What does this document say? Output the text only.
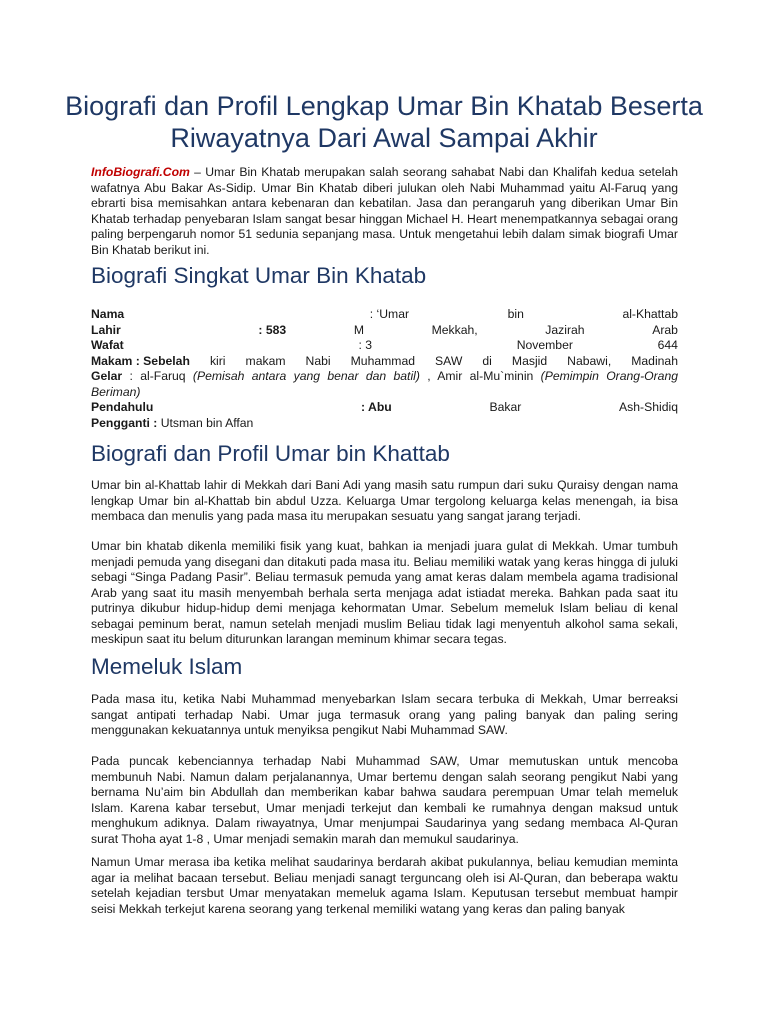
Biografi dan Profil Lengkap Umar Bin Khatab Beserta Riwayatnya Dari Awal Sampai Akhir

InfoBiografi.Com – Umar Bin Khatab merupakan salah seorang sahabat Nabi dan Khalifah kedua setelah wafatnya Abu Bakar As-Sidip. Umar Bin Khatab diberi julukan oleh Nabi Muhammad yaitu Al-Faruq yang ebrarti bisa memisahkan antara kebenaran dan kebatilan. Jasa dan perangaruh yang diberikan Umar Bin Khatab terhadap penyebaran Islam sangat besar hinggan Michael H. Heart menempatkannya sebagai orang paling berpengaruh nomor 51 sedunia sepanjang masa. Untuk mengetahui lebih dalam simak biografi Umar Bin Khatab berikut ini.

Biografi Singkat Umar Bin Khatab
Nama	: ‘Umar	bin	al-Khattab
Lahir	: 583	M	Mekkah,	Jazirah	Arab
Wafat	: 3	November	644
Makam : Sebelah kiri makam Nabi Muhammad SAW di Masjid Nabawi, Madinah
Gelar : al-Faruq (Pemisah antara yang benar dan batil) , Amir al-Mu`minin (Pemimpin Orang-Orang Beriman)
Pendahulu	: Abu	Bakar	Ash-Shidiq
Pengganti : Utsman bin Affan
Biografi dan Profil Umar bin Khattab

Umar bin al-Khattab lahir di Mekkah dari Bani Adi yang masih satu rumpun dari suku Quraisy dengan nama lengkap Umar bin al-Khattab bin abdul Uzza. Keluarga Umar tergolong keluarga kelas menengah, ia bisa membaca dan menulis yang pada masa itu merupakan sesuatu yang sangat jarang terjadi.

Umar bin khatab dikenla memiliki fisik yang kuat, bahkan ia menjadi juara gulat di Mekkah. Umar tumbuh menjadi pemuda yang disegani dan ditakuti pada masa itu. Beliau memiliki watak yang keras hingga di juluki sebagi “Singa Padang Pasir”. Beliau termasuk pemuda yang amat keras dalam membela agama tradisional Arab yang saat itu masih menyembah berhala serta menjaga adat istiadat mereka. Bahkan pada saat itu putrinya dikubur hidup-hidup demi menjaga kehormatan Umar. Sebelum memeluk Islam beliau di kenal sebagai peminum berat, namun setelah menjadi muslim Beliau tidak lagi menyentuh alkohol sama sekali, meskipun saat itu belum diturunkan larangan meminum khimar secara tegas.

Memeluk Islam

Pada masa itu, ketika Nabi Muhammad menyebarkan Islam secara terbuka di Mekkah, Umar berreaksi sangat antipati terhadap Nabi. Umar juga termasuk orang yang paling banyak dan paling sering menggunakan kekuatannya untuk menyiksa pengikut Nabi Muhammad SAW.

Pada puncak kebenciannya terhadap Nabi Muhammad SAW, Umar memutuskan untuk mencoba membunuh Nabi. Namun dalam perjalanannya, Umar bertemu dengan salah seorang pengikut Nabi yang bernama Nu’aim bin Abdullah dan memberikan kabar bahwa saudara perempuan Umar telah memeluk Islam. Karena kabar tersebut, Umar menjadi terkejut dan kembali ke rumahnya dengan maksud untuk menghukum adiknya. Dalam riwayatnya, Umar menjumpai Saudarinya yang sedang membaca Al-Quran surat Thoha ayat 1-8 , Umar menjadi semakin marah dan memukul saudarinya.

Namun Umar merasa iba ketika melihat saudarinya berdarah akibat pukulannya, beliau kemudian meminta agar ia melihat bacaan tersebut. Beliau menjadi sanagt terguncang oleh isi Al-Quran, dan beberapa waktu setelah kejadian tersbut Umar menyatakan memeluk agama Islam. Keputusan tersebut membuat hampir seisi Mekkah terkejut karena seorang yang terkenal memiliki watang yang keras dan paling banyak
